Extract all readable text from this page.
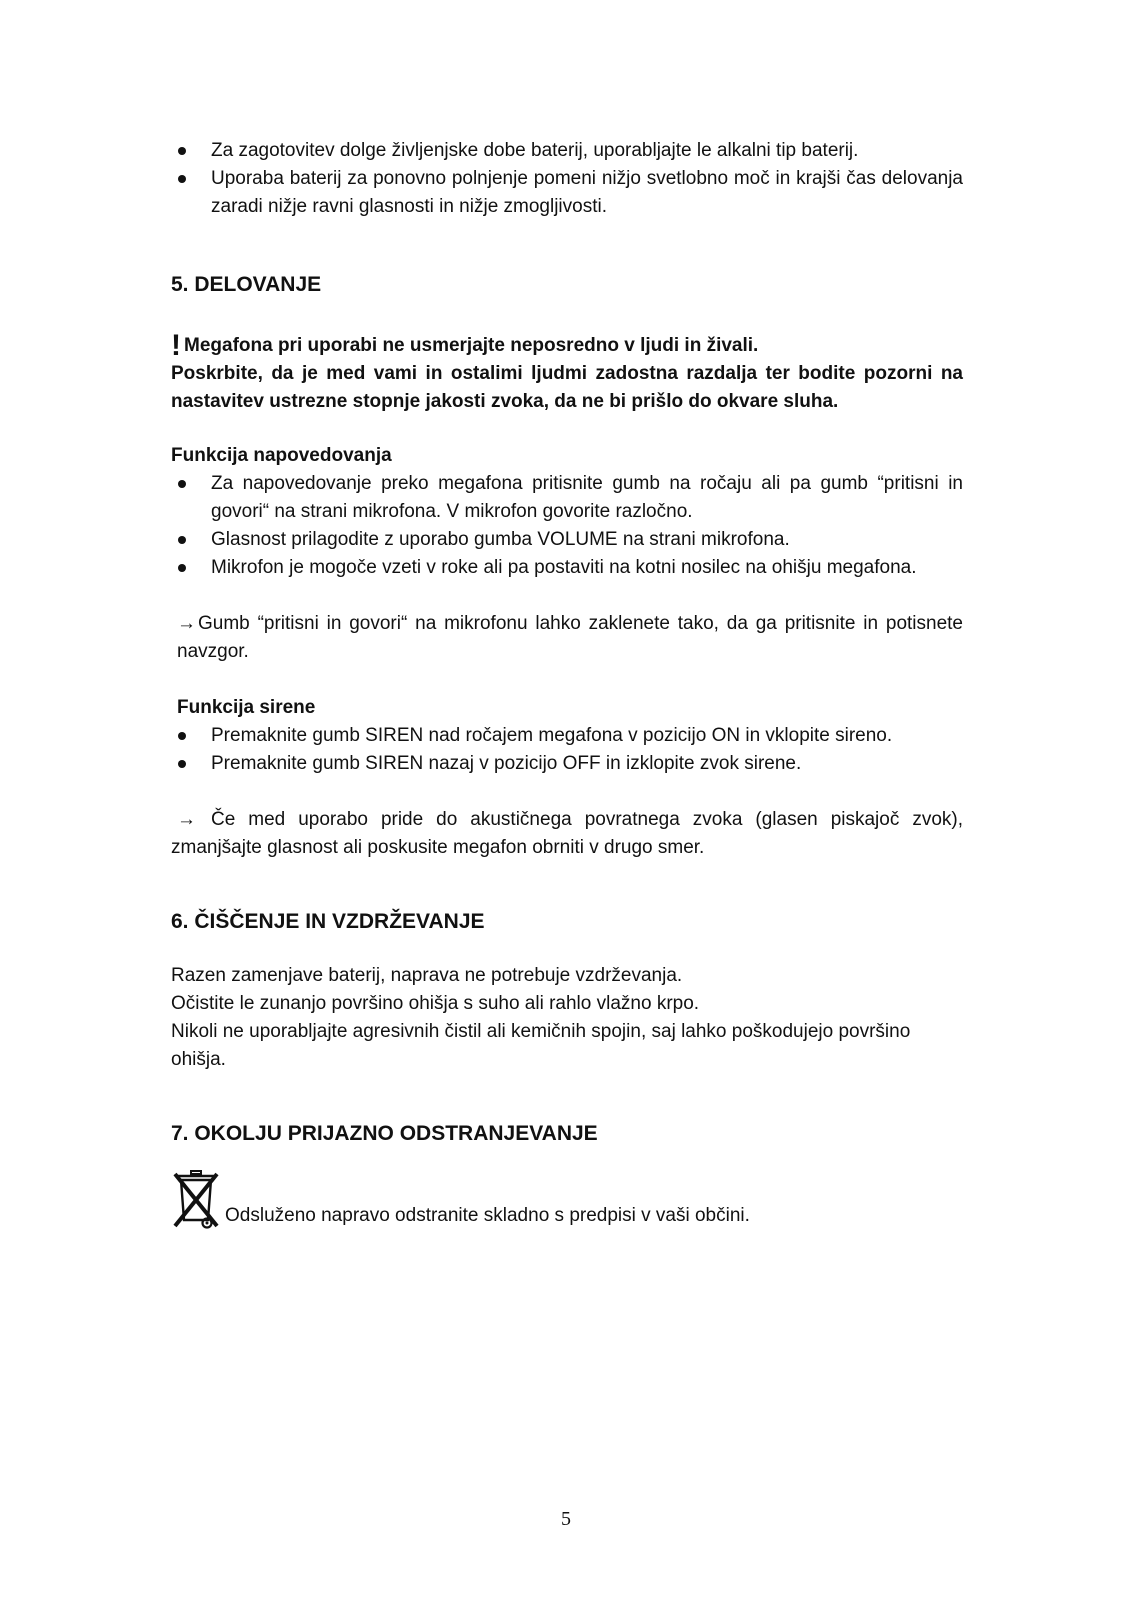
Za zagotovitev dolge življenjske dobe baterij, uporabljajte le alkalni tip baterij.
Uporaba baterij za ponovno polnjenje pomeni nižjo svetlobno moč in krajši čas delovanja zaradi nižje ravni glasnosti in nižje zmogljivosti.
5. DELOVANJE
! Megafona pri uporabi ne usmerjajte neposredno v ljudi in živali.
Poskrbite, da je med vami in ostalimi ljudmi zadostna razdalja ter bodite pozorni na nastavitev ustrezne stopnje jakosti zvoka, da ne bi prišlo do okvare sluha.
Funkcija napovedovanja
Za napovedovanje preko megafona pritisnite gumb na ročaju ali pa gumb “pritisni in govori“ na strani mikrofona. V mikrofon govorite razločno.
Glasnost prilagodite z uporabo gumba VOLUME na strani mikrofona.
Mikrofon je mogoče vzeti v roke ali pa postaviti na kotni nosilec na ohišju megafona.
→ Gumb “pritisni in govori“ na mikrofonu lahko zaklenete tako, da ga pritisnite in potisnete navzgor.
Funkcija sirene
Premaknite gumb SIREN nad ročajem megafona v pozicijo ON in vklopite sireno.
Premaknite gumb SIREN nazaj v pozicijo OFF in izklopite zvok sirene.
→ Če med uporabo pride do akustičnega povratnega zvoka (glasen piskajoč zvok), zmanjšajte glasnost ali poskusite megafon obrniti v drugo smer.
6. ČIŠČENJE IN VZDRŽEVANJE
Razen zamenjave baterij, naprava ne potrebuje vzdrževanja.
Očistite le zunanjo površino ohišja s suho ali rahlo vlažno krpo.
Nikoli ne uporabljajte agresivnih čistil ali kemičnih spojin, saj lahko poškodujejo površino ohišja.
7. OKOLJU PRIJAZNO ODSTRANJEVANJE
Odsluženo napravo odstranite skladno s predpisi v vaši občini.
5
